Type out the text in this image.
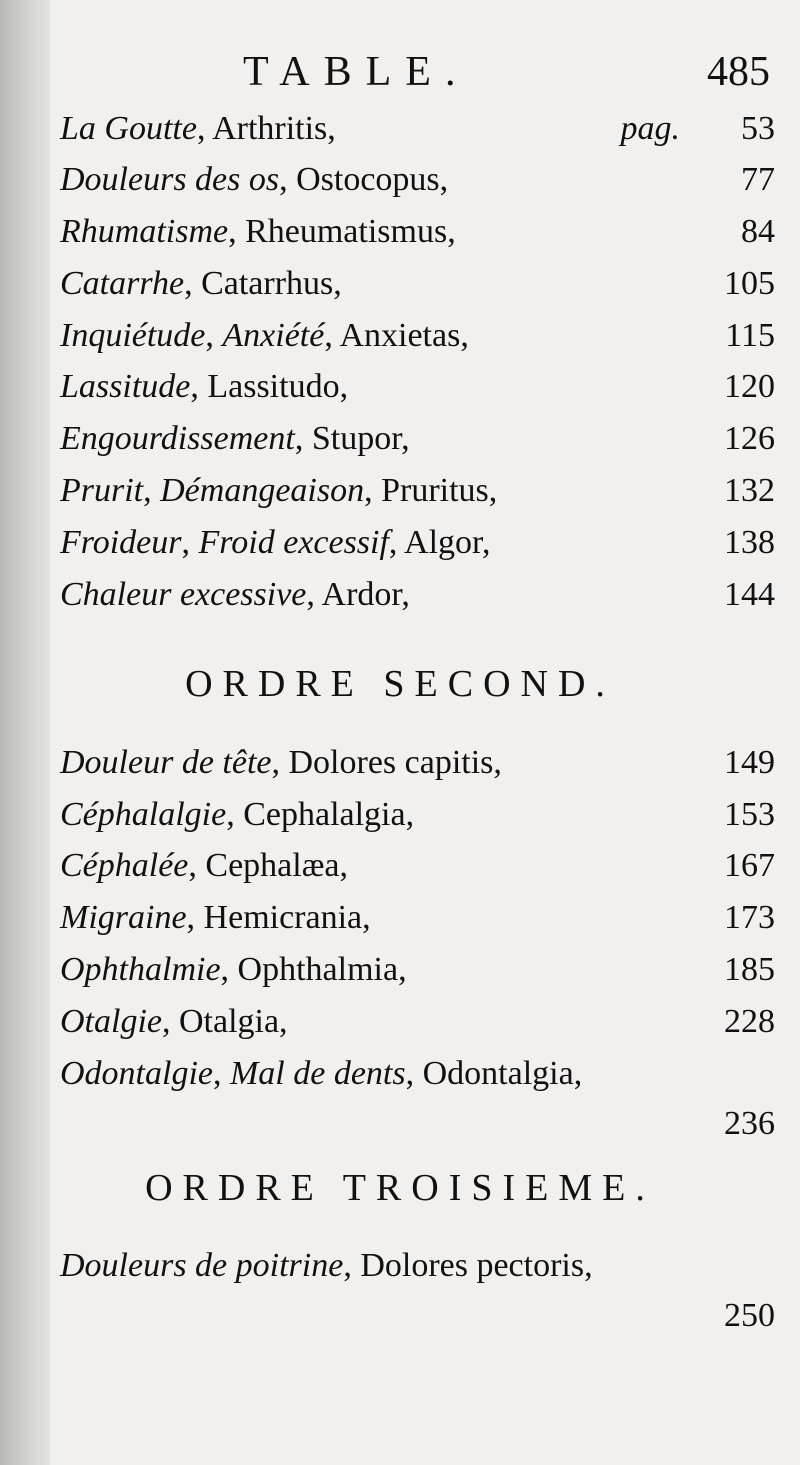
TABLE.	485
La Goutte, Arthritis,	pag. 53
Douleurs des os, Ostocopus,	77
Rhumatisme, Rheumatismus,	84
Catarrhe, Catarrhus,	105
Inquiétude, Anxiété, Anxietas,	115
Lassitude, Lassitudo,	120
Engourdissement, Stupor,	126
Prurit, Démangeaison, Pruritus,	132
Froideur, Froid excessif, Algor,	138
Chaleur excessive, Ardor,	144
ORDRE SECOND.
Douleur de tête, Dolores capitis,	149
Céphalalgie, Cephalalgia,	153
Céphalée, Cephalæa,	167
Migraine, Hemicrania,	173
Ophthalmie, Ophthalmia,	185
Otalgie, Otalgia,	228
Odontalgie, Mal de dents, Odontalgia,
236
ORDRE TROISIEME.
Douleurs de poitrine, Dolores pectoris,
250
